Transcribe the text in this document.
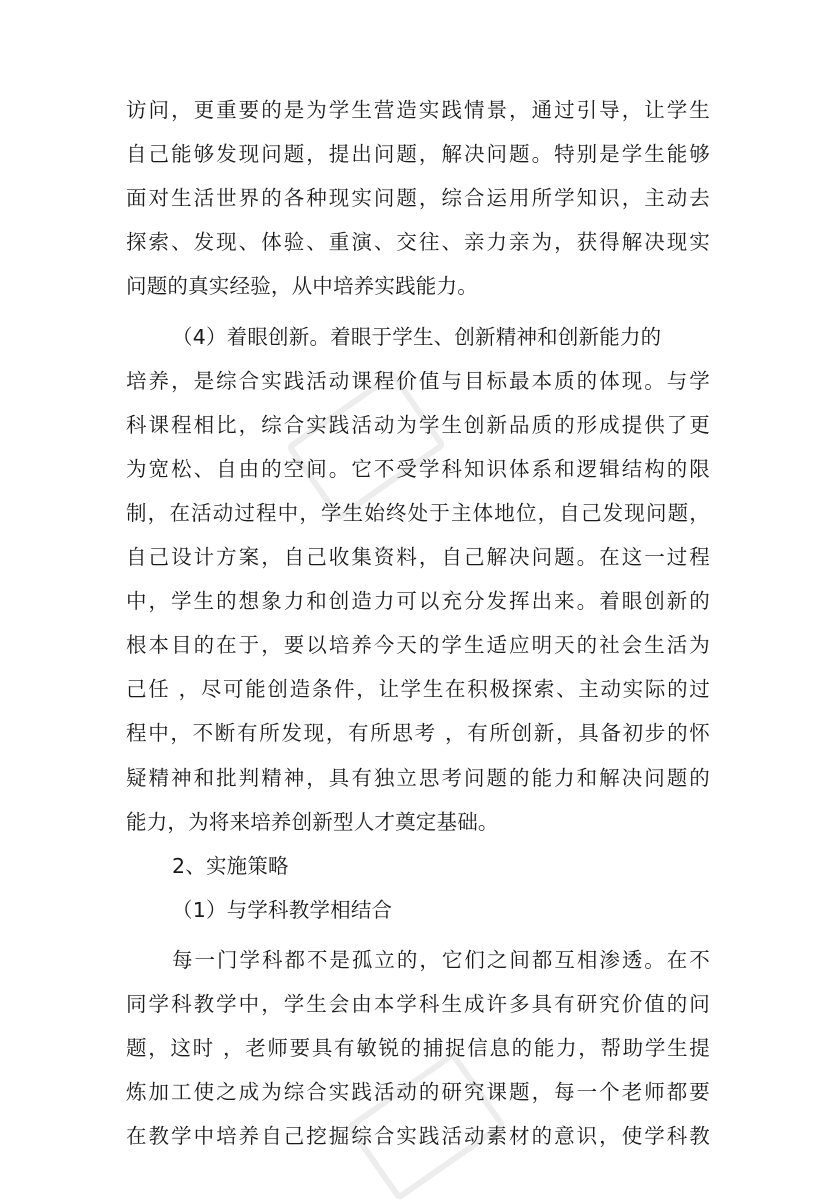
访问，更重要的是为学生营造实践情景，通过引导，让学生
自己能够发现问题，提出问题，解决问题。特别是学生能够
面对生活世界的各种现实问题，综合运用所学知识，主动去
探索、发现、体验、重演、交往、亲力亲为，获得解决现实
问题的真实经验，从中培养实践能力。
（4）着眼创新。着眼于学生、创新精神和创新能力的
培养，是综合实践活动课程价值与目标最本质的体现。与学
科课程相比，综合实践活动为学生创新品质的形成提供了更
为宽松、自由的空间。它不受学科知识体系和逻辑结构的限
制，在活动过程中，学生始终处于主体地位，自己发现问题，
自己设计方案，自己收集资料，自己解决问题。在这一过程
中，学生的想象力和创造力可以充分发挥出来。着眼创新的
根本目的在于，要以培养今天的学生适应明天的社会生活为
己任 ，尽可能创造条件，让学生在积极探索、主动实际的过
程中，不断有所发现，有所思考 ，有所创新，具备初步的怀
疑精神和批判精神，具有独立思考问题的能力和解决问题的
能力，为将来培养创新型人才奠定基础。
2、实施策略
（1）与学科教学相结合
每一门学科都不是孤立的，它们之间都互相渗透。在不
同学科教学中，学生会由本学科生成许多具有研究价值的问
题，这时 ，老师要具有敏锐的捕捉信息的能力，帮助学生提
炼加工使之成为综合实践活动的研究课题，每一个老师都要
在教学中培养自己挖掘综合实践活动素材的意识，使学科教
